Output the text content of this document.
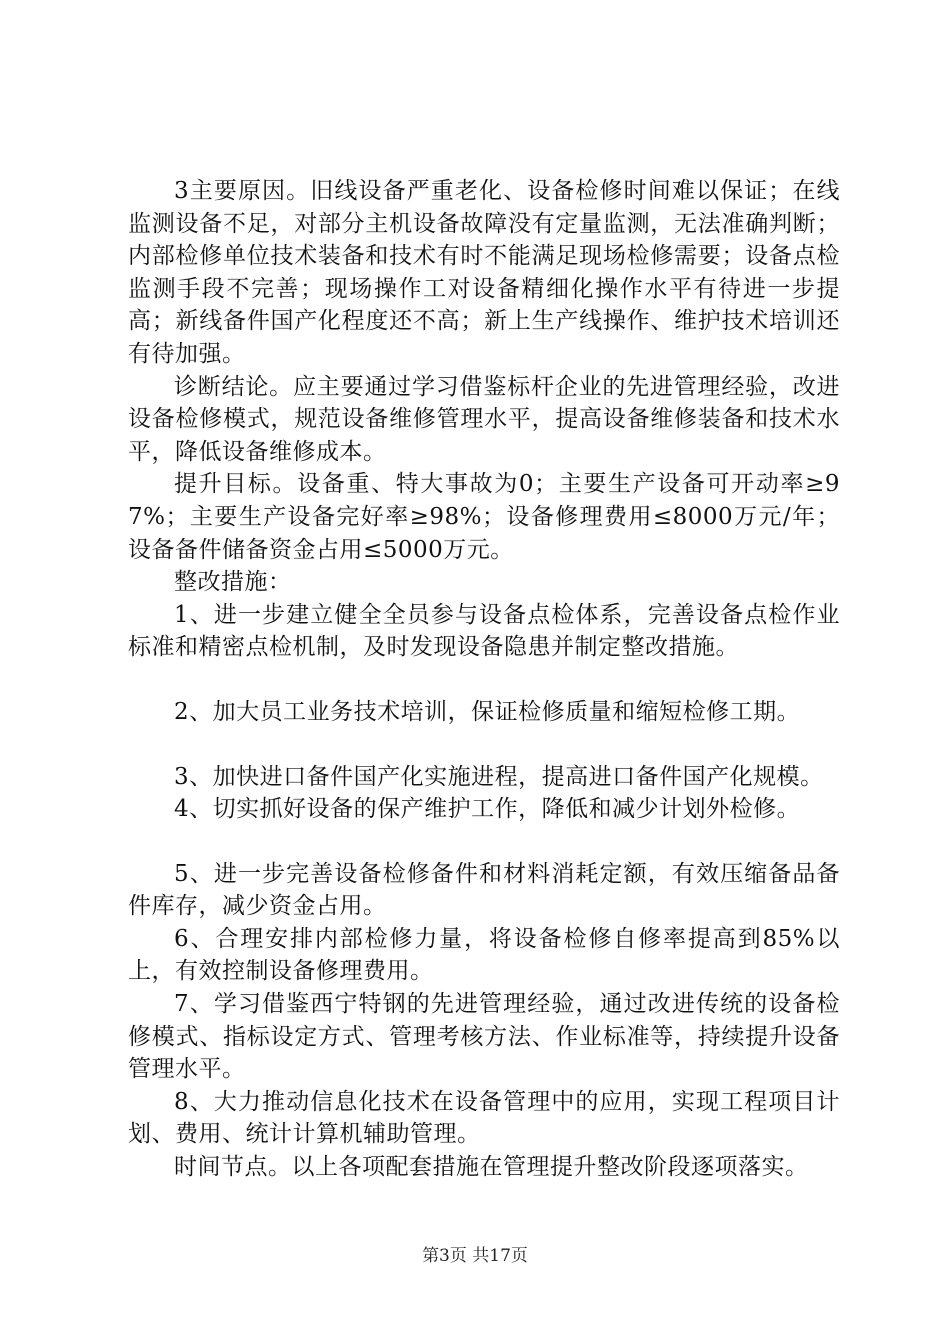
3主要原因。旧线设备严重老化、设备检修时间难以保证；在线监测设备不足，对部分主机设备故障没有定量监测，无法准确判断；内部检修单位技术装备和技术有时不能满足现场检修需要；设备点检监测手段不完善；现场操作工对设备精细化操作水平有待进一步提高；新线备件国产化程度还不高；新上生产线操作、维护技术培训还有待加强。

诊断结论。应主要通过学习借鉴标杆企业的先进管理经验，改进设备检修模式，规范设备维修管理水平，提高设备维修装备和技术水平，降低设备维修成本。

提升目标。设备重、特大事故为0；主要生产设备可开动率≥97%；主要生产设备完好率≥98%；设备修理费用≤8000万元/年；设备备件储备资金占用≤5000万元。

整改措施：

1、进一步建立健全全员参与设备点检体系，完善设备点检作业标准和精密点检机制，及时发现设备隐患并制定整改措施。

2、加大员工业务技术培训，保证检修质量和缩短检修工期。

3、加快进口备件国产化实施进程，提高进口备件国产化规模。

4、切实抓好设备的保产维护工作，降低和减少计划外检修。

5、进一步完善设备检修备件和材料消耗定额，有效压缩备品备件库存，减少资金占用。

6、合理安排内部检修力量，将设备检修自修率提高到85%以上，有效控制设备修理费用。

7、学习借鉴西宁特钢的先进管理经验，通过改进传统的设备检修模式、指标设定方式、管理考核方法、作业标准等，持续提升设备管理水平。

8、大力推动信息化技术在设备管理中的应用，实现工程项目计划、费用、统计计算机辅助管理。

时间节点。以上各项配套措施在管理提升整改阶段逐项落实。

第3页 共17页
